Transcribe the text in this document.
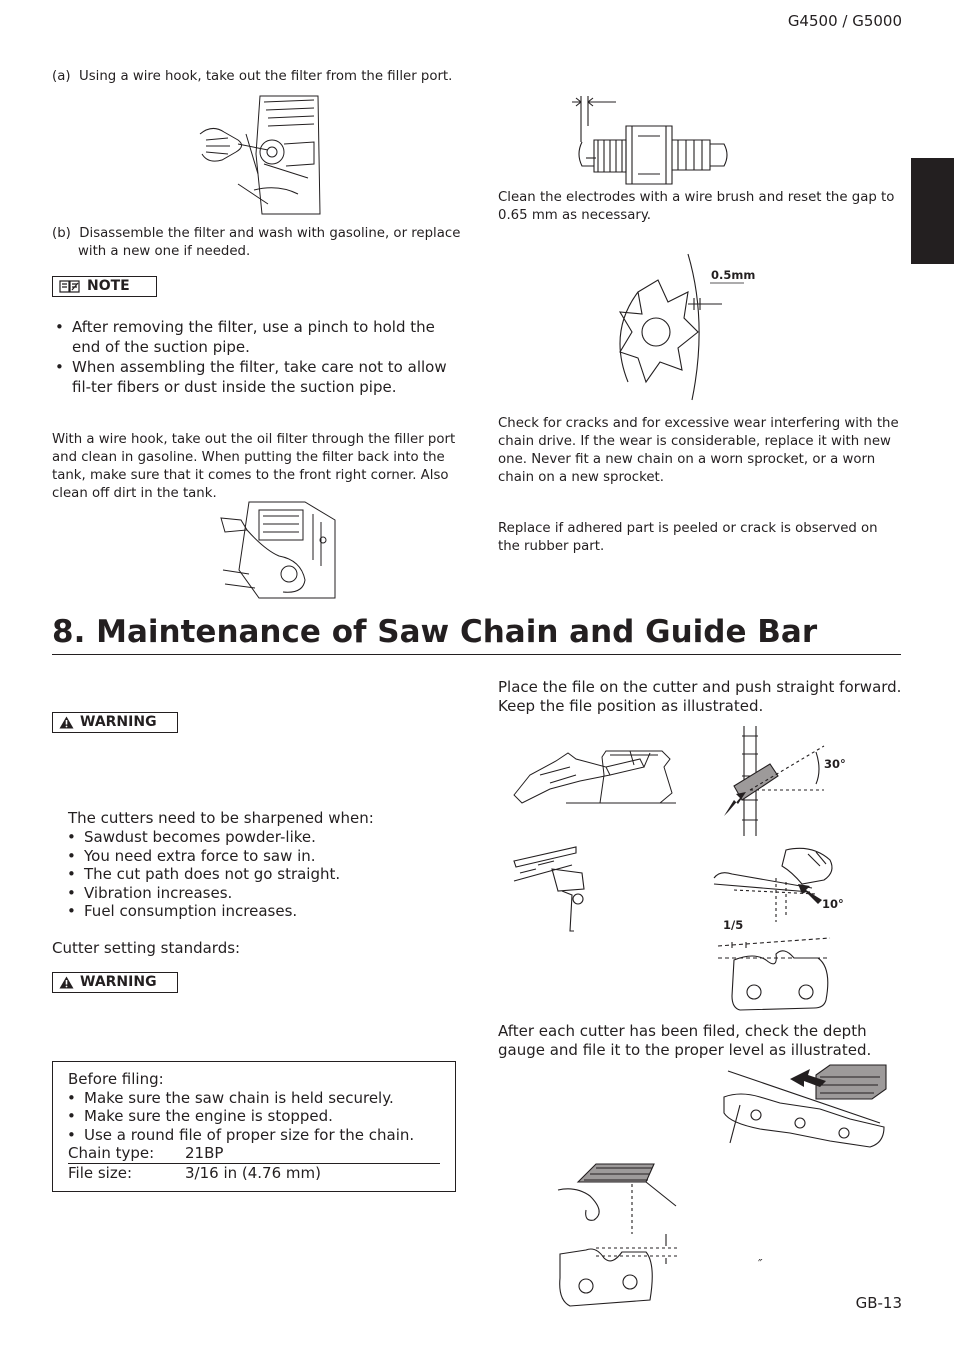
G4500 / G5000
GB-13
(a) Using a wire hook, take out the filter from the filler port.
(b) Disassemble the filter and wash with gasoline, or replace with a new one if needed.
NOTE
• After removing the filter, use a pinch to hold the end of the suction pipe.
• When assembling the filter, take care not to allow fil-ter fibers or dust inside the suction pipe.
With a wire hook, take out the oil filter through the filler port and clean in gasoline. When putting the filter back into the tank, make sure that it comes to the front right corner. Also clean off dirt in the tank.
Clean the electrodes with a wire brush and reset the gap to 0.65 mm as necessary.
0.5mm
Check for cracks and for excessive wear interfering with the chain drive. If the wear is considerable, replace it with new one. Never fit a new chain on a worn sprocket, or a worn chain on a new sprocket.
Replace if adhered part is peeled or crack is observed on the rubber part.
8. Maintenance of Saw Chain and Guide Bar
WARNING
The cutters need to be sharpened when:
• Sawdust becomes powder-like.
• You need extra force to saw in.
• The cut path does not go straight.
• Vibration increases.
• Fuel consumption increases.
Cutter setting standards:
WARNING
Before filing:
• Make sure the saw chain is held securely.
• Make sure the engine is stopped.
• Use a round file of proper size for the chain.
Chain type:	21BP
File size:	3/16 in (4.76 mm)
Place the file on the cutter and push straight forward. Keep the file position as illustrated.
30°
10°
1/5
After each cutter has been filed, check the depth gauge and file it to the proper level as illustrated.
″
